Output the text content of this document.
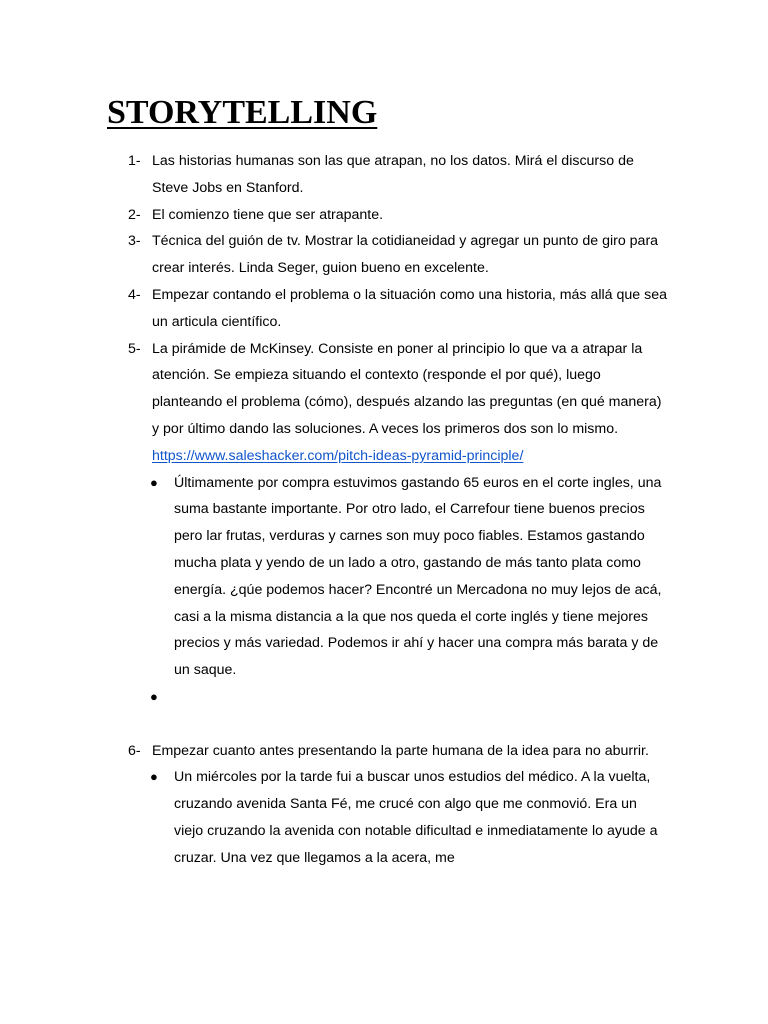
STORYTELLING
1- Las historias humanas son las que atrapan, no los datos. Mirá el discurso de Steve Jobs en Stanford.
2- El comienzo tiene que ser atrapante.
3- Técnica del guión de tv. Mostrar la cotidianeidad y agregar un punto de giro para crear interés. Linda Seger, guion bueno en excelente.
4- Empezar contando el problema o la situación como una historia, más allá que sea un articula científico.
5- La pirámide de McKinsey. Consiste en poner al principio lo que va a atrapar la atención. Se empieza situando el contexto (responde el por qué), luego planteando el problema (cómo), después alzando las preguntas (en qué manera) y por último dando las soluciones. A veces los primeros dos son lo mismo.
https://www.saleshacker.com/pitch-ideas-pyramid-principle/
● Últimamente por compra estuvimos gastando 65 euros en el corte ingles, una suma bastante importante. Por otro lado, el Carrefour tiene buenos precios pero lar frutas, verduras y carnes son muy poco fiables. Estamos gastando mucha plata y yendo de un lado a otro, gastando de más tanto plata como energía. ¿qúe podemos hacer? Encontré un Mercadona no muy lejos de acá, casi a la misma distancia a la que nos queda el corte inglés y tiene mejores precios y más variedad. Podemos ir ahí y hacer una compra más barata y de un saque.
●
6- Empezar cuanto antes presentando la parte humana de la idea para no aburrir.
● Un miércoles por la tarde fui a buscar unos estudios del médico. A la vuelta, cruzando avenida Santa Fé, me crucé con algo que me conmovió. Era un viejo cruzando la avenida con notable dificultad e inmediatamente lo ayude a cruzar. Una vez que llegamos a la acera, me
